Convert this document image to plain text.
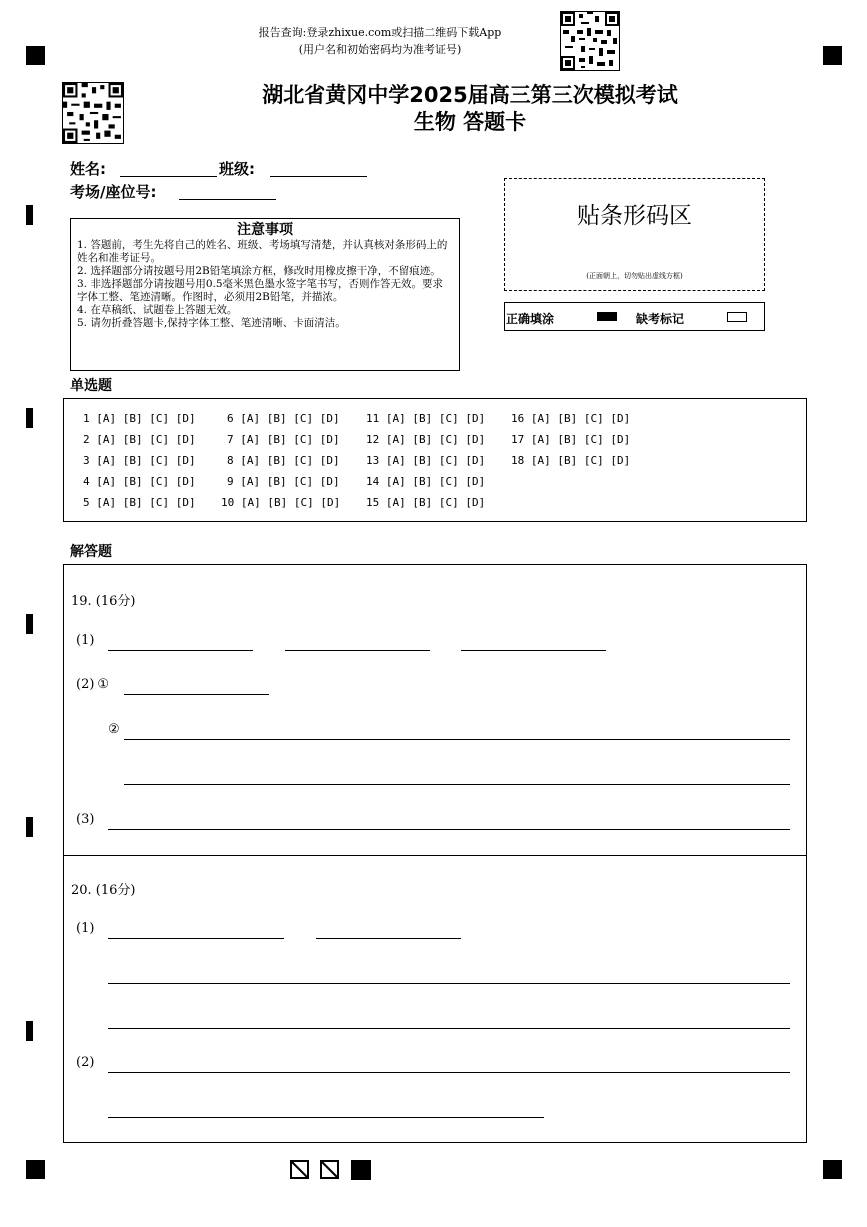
报告查询:登录zhixue.com或扫描二维码下载App
(用户名和初始密码均为准考证号)
湖北省黄冈中学2025届高三第三次模拟考试
生物 答题卡
姓名:	班级:
考场/座位号:
注意事项
1. 答题前，考生先将自己的姓名、班级、考场填写清楚，并认真核对条形码上的姓名和准考证号。
2. 选择题部分请按题号用2B铅笔填涂方框，修改时用橡皮擦干净，不留痕迹。
3. 非选择题部分请按题号用0.5毫米黑色墨水签字笔书写，否则作答无效。要求字体工整、笔迹清晰。作图时，必须用2B铅笔，并描浓。
4. 在草稿纸、试题卷上答题无效。
5. 请勿折叠答题卡,保持字体工整、笔迹清晰、卡面清洁。
贴条形码区
(正面朝上，切勿贴出虚线方框)
正确填涂	缺考标记
单选题
1 [A] [B] [C] [D]
2 [A] [B] [C] [D]
3 [A] [B] [C] [D]
4 [A] [B] [C] [D]
5 [A] [B] [C] [D]
6 [A] [B] [C] [D]
7 [A] [B] [C] [D]
8 [A] [B] [C] [D]
9 [A] [B] [C] [D]
10 [A] [B] [C] [D]
11 [A] [B] [C] [D]
12 [A] [B] [C] [D]
13 [A] [B] [C] [D]
14 [A] [B] [C] [D]
15 [A] [B] [C] [D]
16 [A] [B] [C] [D]
17 [A] [B] [C] [D]
18 [A] [B] [C] [D]
解答题
19. (16分)
(1)
(2) ①
②
(3)
20. (16分)
(1)
(2)
